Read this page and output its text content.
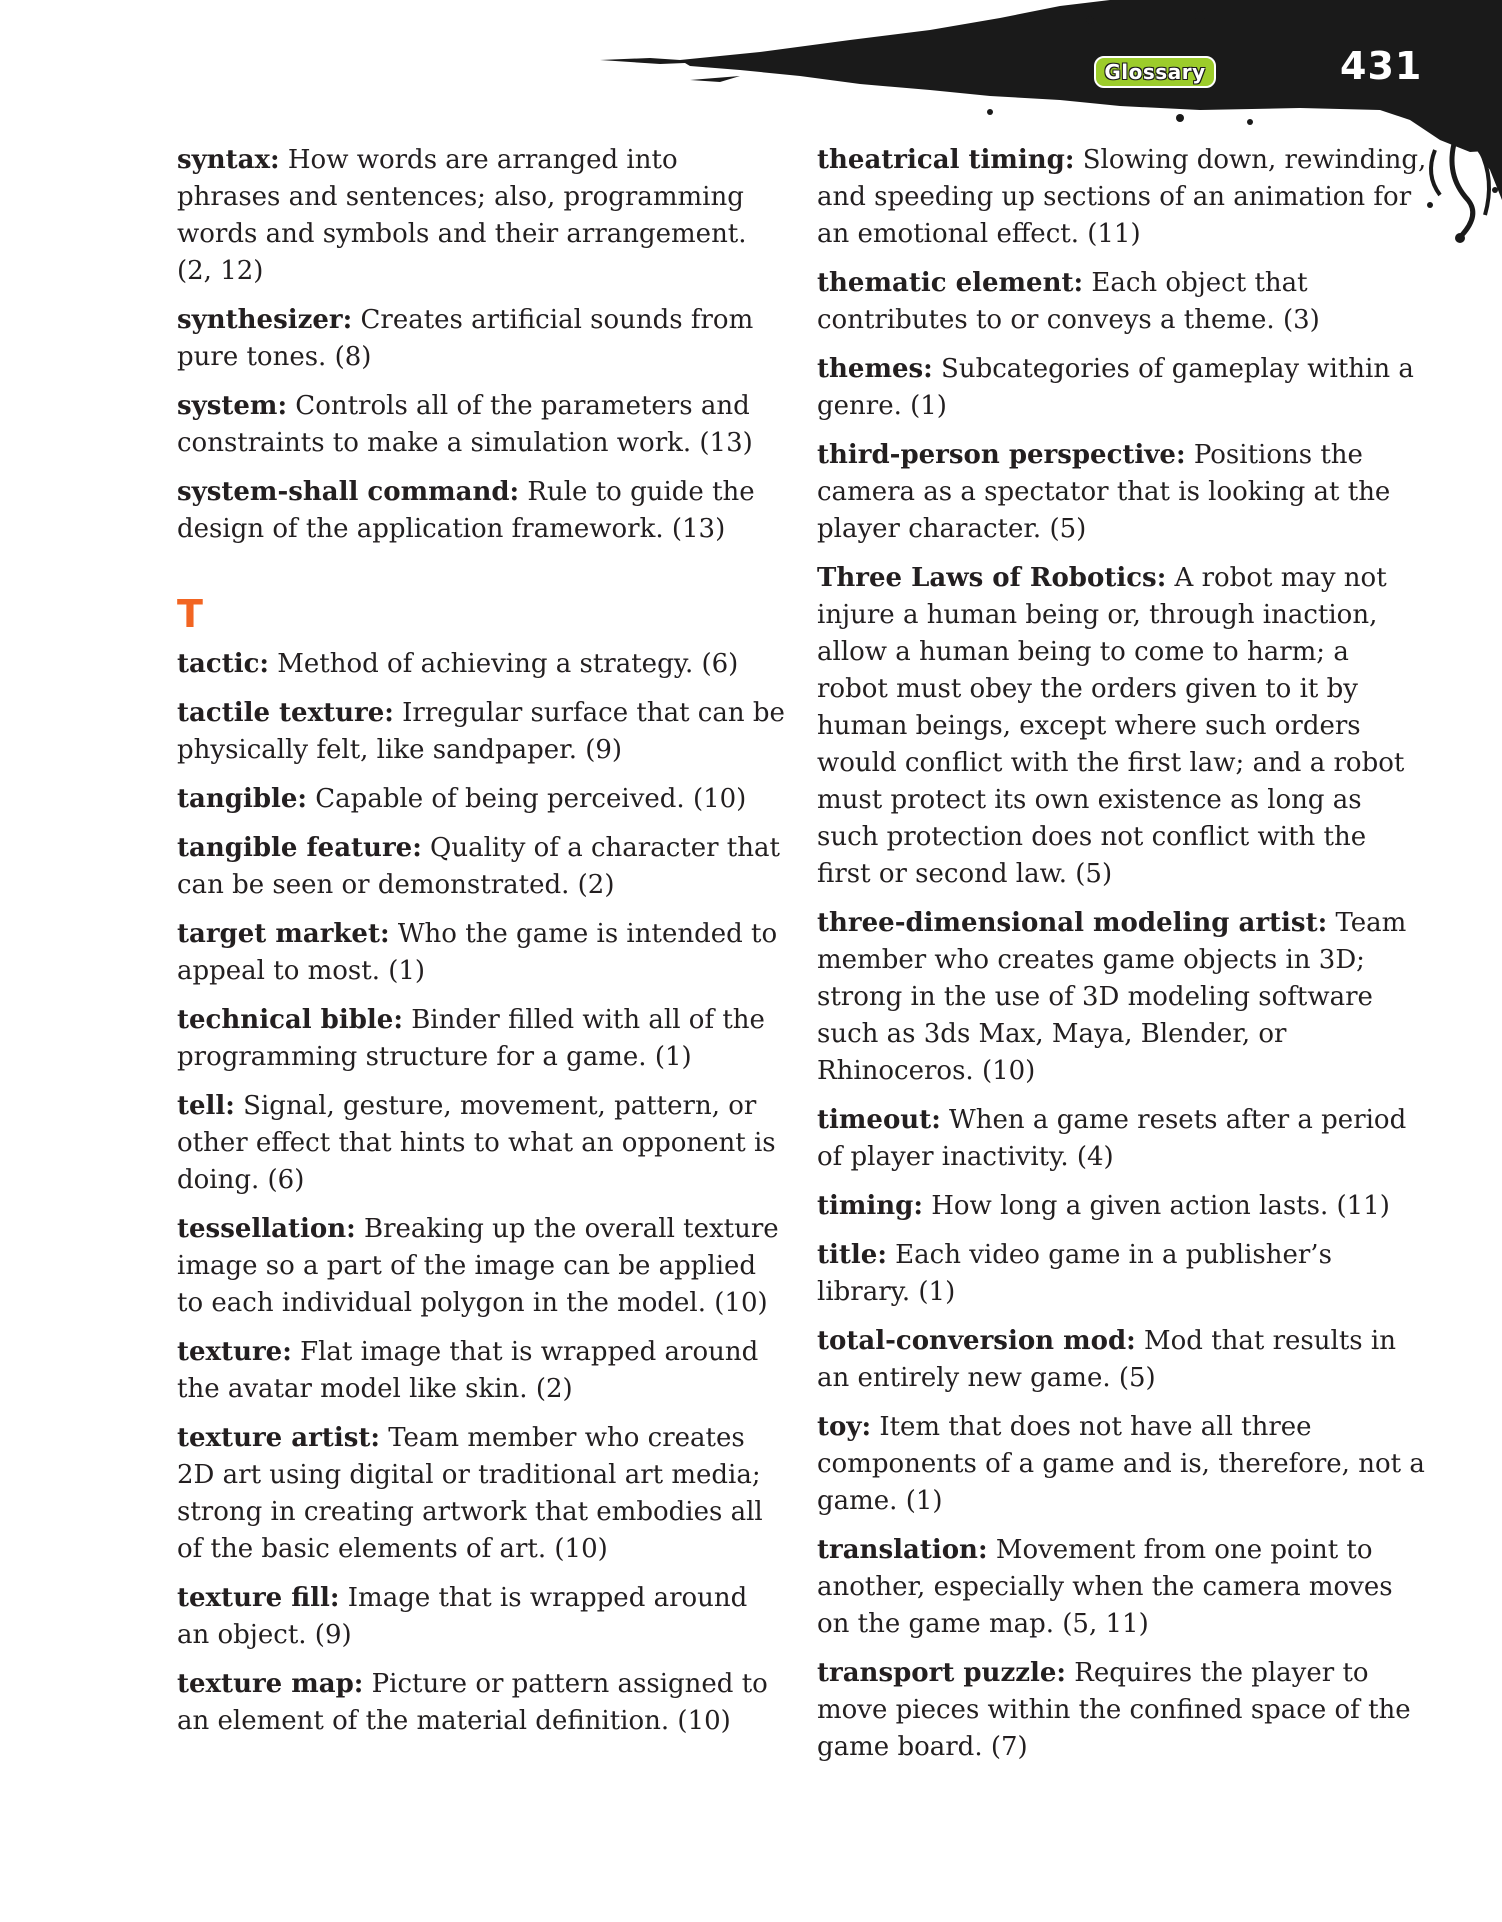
Glossary	431

syntax: How words are arranged into phrases and sentences; also, programming words and symbols and their arrangement. (2, 12)

synthesizer: Creates artificial sounds from pure tones. (8)

system: Controls all of the parameters and constraints to make a simulation work. (13)

system-shall command: Rule to guide the design of the application framework. (13)

T

tactic: Method of achieving a strategy. (6)

tactile texture: Irregular surface that can be physically felt, like sandpaper. (9)

tangible: Capable of being perceived. (10)

tangible feature: Quality of a character that can be seen or demonstrated. (2)

target market: Who the game is intended to appeal to most. (1)

technical bible: Binder filled with all of the programming structure for a game. (1)

tell: Signal, gesture, movement, pattern, or other effect that hints to what an opponent is doing. (6)

tessellation: Breaking up the overall texture image so a part of the image can be applied to each individual polygon in the model. (10)

texture: Flat image that is wrapped around the avatar model like skin. (2)

texture artist: Team member who creates 2D art using digital or traditional art media; strong in creating artwork that embodies all of the basic elements of art. (10)

texture fill: Image that is wrapped around an object. (9)

texture map: Picture or pattern assigned to an element of the material definition. (10)

theatrical timing: Slowing down, rewinding, and speeding up sections of an animation for an emotional effect. (11)

thematic element: Each object that contributes to or conveys a theme. (3)

themes: Subcategories of gameplay within a genre. (1)

third-person perspective: Positions the camera as a spectator that is looking at the player character. (5)

Three Laws of Robotics: A robot may not injure a human being or, through inaction, allow a human being to come to harm; a robot must obey the orders given to it by human beings, except where such orders would conflict with the first law; and a robot must protect its own existence as long as such protection does not conflict with the first or second law. (5)

three-dimensional modeling artist: Team member who creates game objects in 3D; strong in the use of 3D modeling software such as 3ds Max, Maya, Blender, or Rhinoceros. (10)

timeout: When a game resets after a period of player inactivity. (4)

timing: How long a given action lasts. (11)

title: Each video game in a publisher’s library. (1)

total-conversion mod: Mod that results in an entirely new game. (5)

toy: Item that does not have all three components of a game and is, therefore, not a game. (1)

translation: Movement from one point to another, especially when the camera moves on the game map. (5, 11)

transport puzzle: Requires the player to move pieces within the confined space of the game board. (7)
